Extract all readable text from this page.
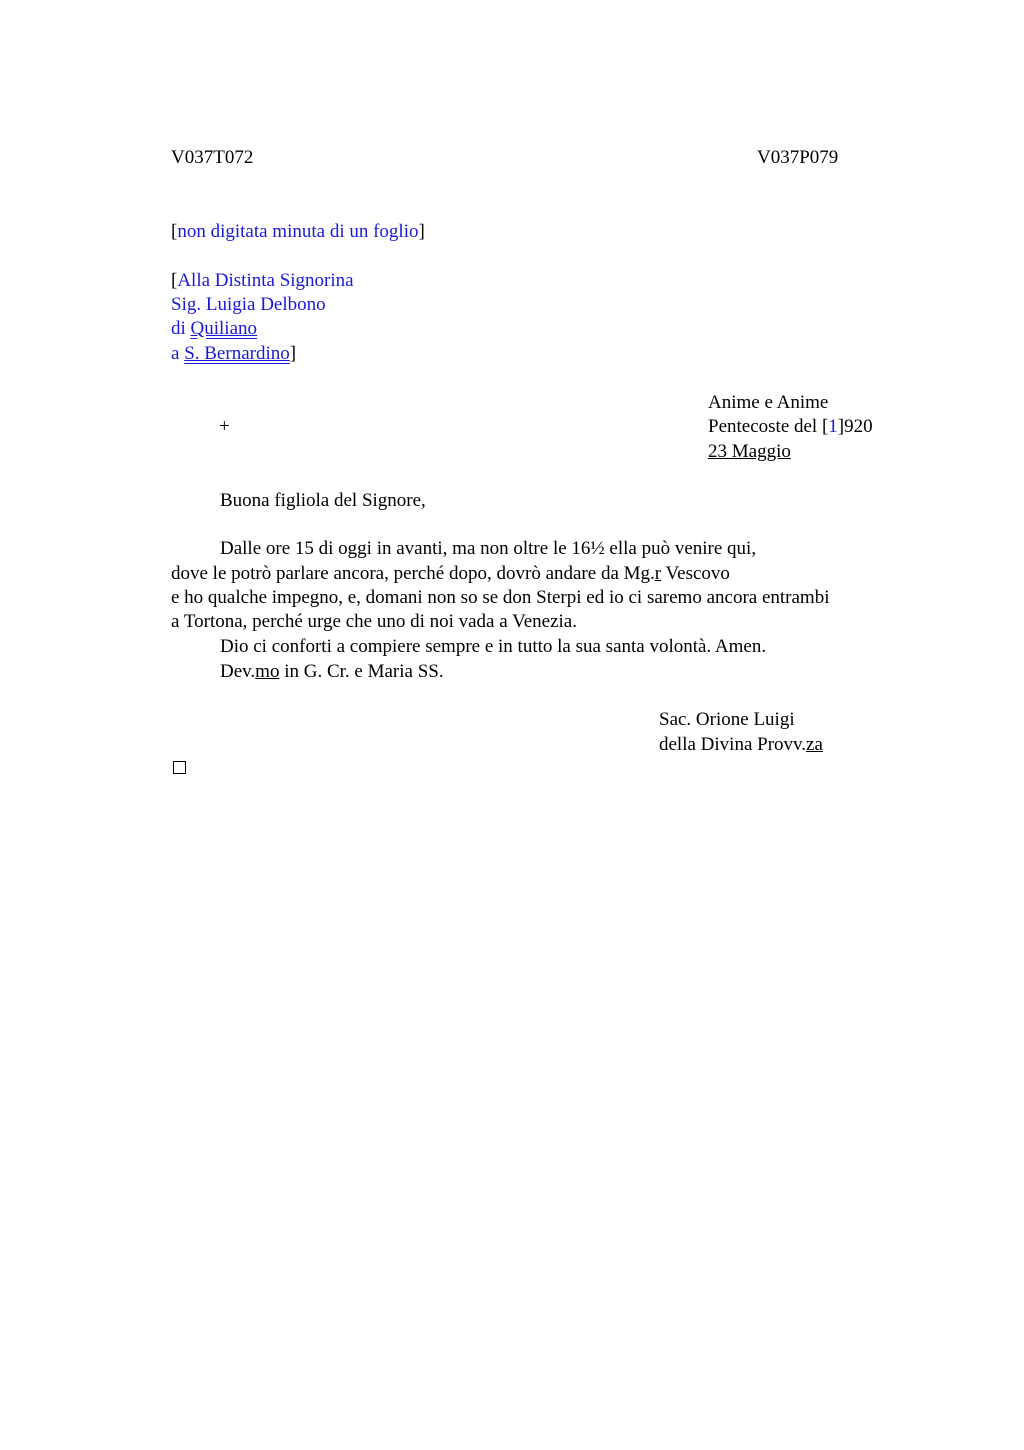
V037T072	V037P079
[non digitata minuta di un foglio]
[Alla Distinta Signorina
Sig. Luigia Delbono
di Quiliano
a S. Bernardino]
+
Anime e Anime
Pentecoste del [1]920
23 Maggio
Buona figliola del Signore,
Dalle ore 15 di oggi in avanti, ma non oltre le 16½ ella può venire qui,
dove le potrò parlare ancora, perché dopo, dovrò andare da Mg.r Vescovo
e ho qualche impegno, e, domani non so se don Sterpi ed io ci saremo ancora entrambi
a Tortona, perché urge che uno di noi vada a Venezia.
Dio ci conforti a compiere sempre e in tutto la sua santa volontà. Amen.
Dev.mo in G. Cr. e Maria SS.
Sac. Orione Luigi
della Divina Provv.za
